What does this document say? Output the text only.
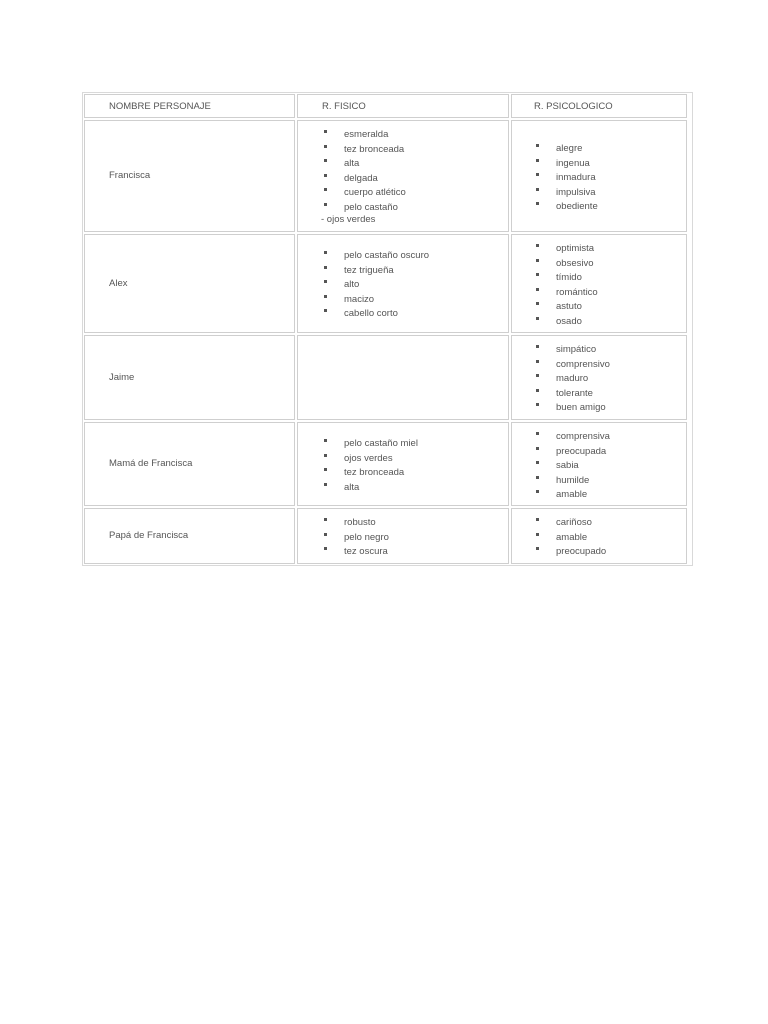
NOMBRE PERSONAJE	R. FISICO	R. PSICOLOGICO
Francisca
esmeralda
tez bronceada
alta
delgada
cuerpo atlético
pelo castaño
- ojos verdes
alegre
ingenua
inmadura
impulsiva
obediente
Alex
pelo castaño oscuro
tez trigueña
alto
macizo
cabello corto
optimista
obsesivo
tímido
romántico
astuto
osado
Jaime
simpático
comprensivo
maduro
tolerante
buen amigo
Mamá de Francisca
pelo castaño miel
ojos verdes
tez bronceada
alta
comprensiva
preocupada
sabia
humilde
amable
Papá de Francisca
robusto
pelo negro
tez oscura
cariñoso
amable
preocupado
